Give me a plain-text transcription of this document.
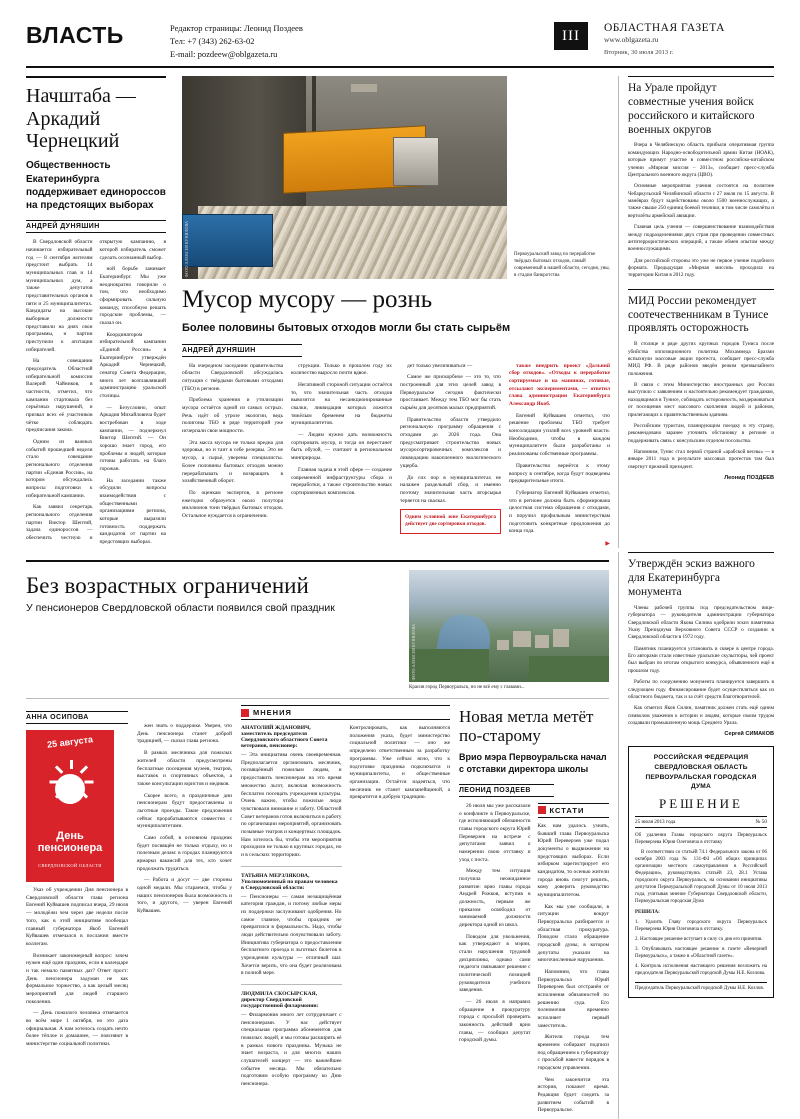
ВЛАСТЬ	Редактор страницы: Леонид Поздеев
Тел: +7 (343) 262-63-02
E-mail: pozdeew@oblgazeta.ru
III	ОБЛАСТНАЯ ГАЗЕТА
www.oblgazeta.ru
Вторник, 30 июля 2013 г.
Начштаба — Аркадий Чернецкий
Общественность Екатеринбурга поддерживает единороссов на предстоящих выборах
АНДРЕЙ ДУНЯШИН

В Свердловской области начинается избирательный год — 8 сентября жителям предстоит выбрать 14 муниципальных глав и 14 муниципальных дум, а также депутатов представительных органов в пяти и 25 муниципалитетах. Кандидаты на высокие выборные должности представили на днях свои программы, и партии приступили к агитации избирателей.

На совещании председатель Областной избирательной комиссии Валерий Чайников, в частности, отметил, что кампания стартовала без серьёзных нарушений, и призвал всех её участников чётко соблюдать предписания закона.

Одним из важных событий прошедшей недели стало совещание регионального отделения партии «Единая Россия», на котором обсуждались вопросы подготовки к избирательной кампании.

Как заявил секретарь регионального отделения партии Виктор Шептий, задача единороссов — обеспечить честную и открытую кампанию, в которой избиратель сможет сделать осознанный выбор.

ной борьбе занимает Екатеринбург. Мы уже неоднократно говорили о том, что необходимо сформировать сильную команду, способную решать городские проблемы, — сказал он.

Координатором избирательной кампании «Единой России» в Екатеринбурге утверждён Аркадий Чернецкий, сенатор Совета Федерации, много лет возглавлявший администрацию уральской столицы.

— Безусловно, опыт Аркадия Михайловича будет востребован в ходе кампании, — подчеркнул Виктор Шептий. — Он хорошо знает город, его проблемы и людей, которые готовы работать на благо горожан.

На заседании также обсудили вопросы взаимодействия с общественными организациями региона, которые выразили готовность поддержать кандидатов от партии на предстоящих выборах.

ФОТО АЛЕКСЕЯ КУНИЛОВА	Первоуральский завод по переработке твёрдых бытовых отходов, самый современный в нашей области, сегодня, увы, в стадии банкротства
Мусор мусору — рознь
Более половины бытовых отходов могли бы стать сырьём
АНДРЕЙ ДУНЯШИН

На очередном заседании правительства области Свердловской обсуждалась ситуация с твёрдыми бытовыми отходами (ТБО) в регионе.

Проблема хранения и утилизации мусора остаётся одной из самых острых. Речь идёт об угрозе экологии, ведь полигоны ТБО в ряде территорий уже исчерпали свои мощности.

Эта масса мусора не только вредна для здоровья, но и таит в себе резервы. Это не мусор, а сырьё, уверены специалисты. Более половины бытовых отходов можно перерабатывать и возвращать в хозяйственный оборот.

По оценкам экспертов, в регионе ежегодно образуется около полутора миллионов тонн твёрдых бытовых отходов. Остальное нуждается в ограничении.

струкции. Только в прошлом году их количество выросло почти вдвое.

Негативной стороной ситуации остаётся то, что значительная часть отходов вывозится на несанкционированные свалки, ликвидация которых ложится тяжёлым бременем на бюджеты муниципалитетов.

— Людям нужно дать возможность сортировать мусор, и тогда он перестанет быть обузой, — считают в региональном минприроды.

Главная задача в этой сфере — создание современной инфраструктуры сбора и переработки, а также строительство новых сортировочных комплексов.

дет только увеличиваться —

Самое же прискорбное — это то, что построенный для этих целей завод в Первоуральске сегодня фактически простаивает. Между тем ТБО мог бы стать сырьём для десятков малых предприятий.

Правительство области утвердило региональную программу обращения с отходами до 2026 года. Она предусматривает строительство новых мусоросортировочных комплексов и ликвидацию накопленного экологического ущерба.

До сих пор в муниципалитетах не налажен раздельный сбор, и именно поэтому значительная часть вторсырья теряется на свалках.

Одним условной зоне Екатеринбурга действует две сортировки отходов.

также внедрить проект «Дальний сбор отходов». «Отходы к переработке сортируемые и на машинах, готовые, отсылают экспериментами, — ответил глава администрации Екатеринбурга Александр Якоб.

Евгений Куйвашев отметил, что решение проблемы ТБО требует консолидации усилий всех уровней власти. Необходимо, чтобы в каждом муниципалитете были разработаны и реализованы собственные программы.

Правительство вернётся к этому вопросу в сентябре, когда будут подведены предварительные итоги.

Губернатор Евгений Куйвашев отметил, что в регионе должна быть сформирована целостная система обращения с отходами, и поручил профильным министерствам подготовить конкретные предложения до конца года.

▶
На Урале пройдут совместные учения войск российского и китайского военных округов

Вчера в Челябинскую область прибыли оперативная группа командующих Народно-освободительной армии Китая (НОАК), которые примут участие в совместном российско-китайском учении «Мирная миссия – 2013», сообщает пресс-служба Центрального военного округа (ЦВО).

Основные мероприятия учения состоятся на полигоне Чебаркульский Челябинской области с 27 июля по 15 августа. В манёврах будут задействованы около 1500 военнослужащих, а также свыше 250 единиц боевой техники, в том числе самолёты и вертолёты армейской авиации.

Главная цель учения — совершенствование взаимодействия между подразделениями двух стран при проведении совместных антитеррористических операций, а также обмен опытом между военнослужащими.

Для российской стороны это уже не первое учение подобного формата. Предыдущая «Мирная миссия» проходила на территории Китая в 2012 году.

МИД России рекомендует соотечественникам в Тунисе проявлять осторожность

В столице и ряде других крупных городов Туниса после убийства оппозиционного политика Мохаммеда Брахми вспыхнули массовые акции протеста, сообщает пресс-служба МИД РФ. В ряде районов введён режим чрезвычайного положения.

В связи с этим Министерство иностранных дел России выступило с заявлением и настоятельно рекомендует гражданам, находящимся в Тунисе, соблюдать осторожность, воздерживаться от посещения мест массового скопления людей и районов, прилегающих к правительственным зданиям.

Российским туристам, планирующим поездку в эту страну, рекомендовано заранее уточнять обстановку в регионе и поддерживать связь с консульским отделом посольства.

Напомним, Тунис стал первой страной «арабской весны» — в январе 2011 года в результате массовых протестов там был свергнут прежний президент.

Леонид ПОЗДЕЕВ
Без возрастных ограничений
У пенсионеров Свердловской области появился свой праздник
ФОТО АЛЕКСЕЯ КУНИЛОВА
Красив город Первоуральск, но не всё ему с главами...
АННА ОСИПОВА
25 августа
День пенсионера
СВЕРДЛОВСКОЙ ОБЛАСТИ

Указ об учреждении Дня пенсионера в Свердловской области глава региона Евгений Куйвашев подписал вчера, 29 июля — молодёжи чем через две недели после того, как в этой инициативе пообещал главный губернатора Якоб Евгений Куйвашев отмечался в послании вместе коллегам.

Возникает закономерный вопрос: зачем нужен ещё один праздник, если в календаре и так немало памятных дат? Ответ прост: День пенсионера задуман не как формальное торжество, а как целый месяц мероприятий для людей старшего поколения.

— День пожилого человека отмечается во всём мире 1 октября, но это дата официальная. А нам хотелось создать нечто более тёплое и домашнее, — поясняют в министерстве социальной политики.

жен знать о поддержке. Уверен, что День пенсионера станет доброй традицией, — сказал глава региона.

В рамках месячника для пожилых жителей области предусмотрены бесплатные посещения музеев, театров, выставок и спортивных объектов, а также консультации юристов и медиков.

Скорее всего, в праздничные дни пенсионерам будут предоставлены и льготные проезды. Такие предложения сейчас прорабатываются совместно с муниципалитетами.

Само собой, в основном праздник будет посвящён не только отдыху, но и полезным делам: в городах планируются ярмарки вакансий для тех, кто хочет продолжать трудиться.

— Работа и досуг — две стороны одной медали. Мы стараемся, чтобы у наших пенсионеров была возможность и того, и другого, — уверен Евгений Куйвашев.

МНЕНИЯ
АНАТОЛИЙ ЖДАНОВИЧ, заместитель председателя Свердловского областного Совета ветеранов, пенсионер:

— Эта инициатива очень своевременная. Предполагается организовать месячник, посвящённый пожилым людям, и предоставить пенсионерам на это время множество льгот, включая возможность бесплатно посещать учреждения культуры. Очень важно, чтобы пожилые люди чувствовали внимание и заботу. Областной Совет ветеранов готов включиться в работу по организации мероприятий, организовать позывные театров и концертных площадок. Нам хотелось бы, чтобы эти мероприятия проходили не только в крупных городах, но и в сельских территориях.

ТАТЬЯНА МЕРЗЛЯКОВА, Уполномоченный по правам человека в Свердловской области:

— Пенсионеры — самая незащищённая категория граждан, и потому любые меры их поддержки заслуживают одобрения. Но самое главное, чтобы праздник не превратился в формальность. Надо, чтобы люди действительно почувствовали заботу. Инициатива губернатора о предоставлении бесплатного проезда и льготных билетов в учреждения культуры — отличный шаг. Хочется верить, что она будет реализована в полной мере.

ЛЮДМИЛА СКОСЫРСКАЯ, директор Свердловской государственной филармонии:

— Филармония много лет сотрудничает с пенсионерами. У нас действует специальная программа абонементов для пожилых людей, и мы готовы расширить её в рамках нового праздника. Музыка не знает возраста, и для многих наших слушателей концерт — это важнейшее событие месяца. Мы обязательно подготовим особую программу ко Дню пенсионера.

Контролировать, как выполняются положения указа, будет министерство социальной политики — оно же определено ответственным за разработку программы. Уже сейчас ясно, что к подготовке праздника подключатся и муниципалитеты, и общественные организации. Остаётся надеяться, что месячник не станет кампанейщиной, а превратится в добрую традицию.

Новая метла метёт по-старому
Врио мэра Первоуральска начал с отставки директора школы
ЛЕОНИД ПОЗДЕЕВ

26 июля мы уже рассказали о конфликте в Первоуральске, где исполняющий обязанности главы городского округа Юрий Переверзев на встрече с депутатами заявил о намерении свою отставку и уход с поста.

Между тем ситуация получила неожиданное развитие: врио главы города Андрей Рожков, вступив в должность, первым же приказом освободил от занимаемой должности директора одной из школ.

Поводом для увольнения, как утверждают в мэрии, стали нарушения трудовой дисциплины, однако сами педагоги связывают решение с политической позицией руководителя учебного заведения.

— 26 июля я направил обращение в прокуратуру города с просьбой проверить законность действий врио главы, — сообщил депутат городской думы.

КСТАТИ

Как нам удалось узнать, бывший глава Первоуральска Юрий Переверзев уже подал документы о выдвижении на предстоящих выборах. Если избирком зарегистрирует его кандидатом, то осенью жители города вновь смогут решить, кому доверить руководство муниципалитетом.

Как мы уже сообщали, в ситуации вокруг Первоуральска разбирается и областная прокуратура. Поводом стало обращение городской думы, в котором депутаты указали на многочисленные нарушения.

Напомним, что глава Первоуральска Юрий Переверзев был отстранён от исполнения обязанностей по решению суда. Его полномочия временно исполняет первый заместитель.

Жители города тем временем собирают подписи под обращением к губернатору с просьбой навести порядок в городском управлении.

Чем закончится эта история, покажет время. Редакция будет следить за развитием событий в Первоуральске.

Утверждён эскиз важного для Екатеринбурга монумента

Члены рабочей группы под председательством вице-губернатора — руководителя администрации губернатора Свердловской области Якова Силина одобрили эскиз памятника Указу Президиума Верховного Совета СССР о создании в Свердловской области в 1972 году.

Памятник планируется установить в сквере в центре города. Его авторами стали известные уральские скульпторы, чей проект был выбран по итогам открытого конкурса, объявленного ещё в прошлом году.

Работы по сооружению монумента планируется завершить в следующем году. Финансирование будет осуществляться как из областного бюджета, так и за счёт средств благотворителей.

Как отметил Яков Силин, памятник должен стать ещё одним символом уважения к истории и людям, которые своим трудом создавали промышленную мощь Среднего Урала.

Сергей СИМАКОВ
РОССИЙСКАЯ ФЕДЕРАЦИЯ
СВЕРДЛОВСКАЯ ОБЛАСТЬ
ПЕРВОУРАЛЬСКАЯ ГОРОДСКАЯ ДУМА
РЕШЕНИЕ
25 июля 2013 года	№ 50

Об удалении Главы городского округа Первоуральск Переверзева Юрия Олеговича в отставку

В соответствии со статьёй 74.1 Федерального закона от 06 октября 2003 года № 131-ФЗ «Об общих принципах организации местного самоуправления в Российской Федерации», руководствуясь статьёй 23, 28.1 Устава городского округа Первоуральск, на основании инициативы депутатов Первоуральской городской Думы от 10 июля 2013 года, учитывая мнение Губернатора Свердловской области, Первоуральская городская Дума

РЕШИЛА:

1. Удалить Главу городского округа Первоуральск Переверзева Юрия Олеговича в отставку.

2. Настоящее решение вступает в силу со дня его принятия.

3. Опубликовать настоящее решение в газете «Вечерний Первоуральск», а также в «Областной газете».

4. Контроль исполнения настоящего решения возложить на председателя Первоуральской городской Думы Н.Е. Козлова.

Председатель Первоуральской городской Думы Н.Е. Козлов.
